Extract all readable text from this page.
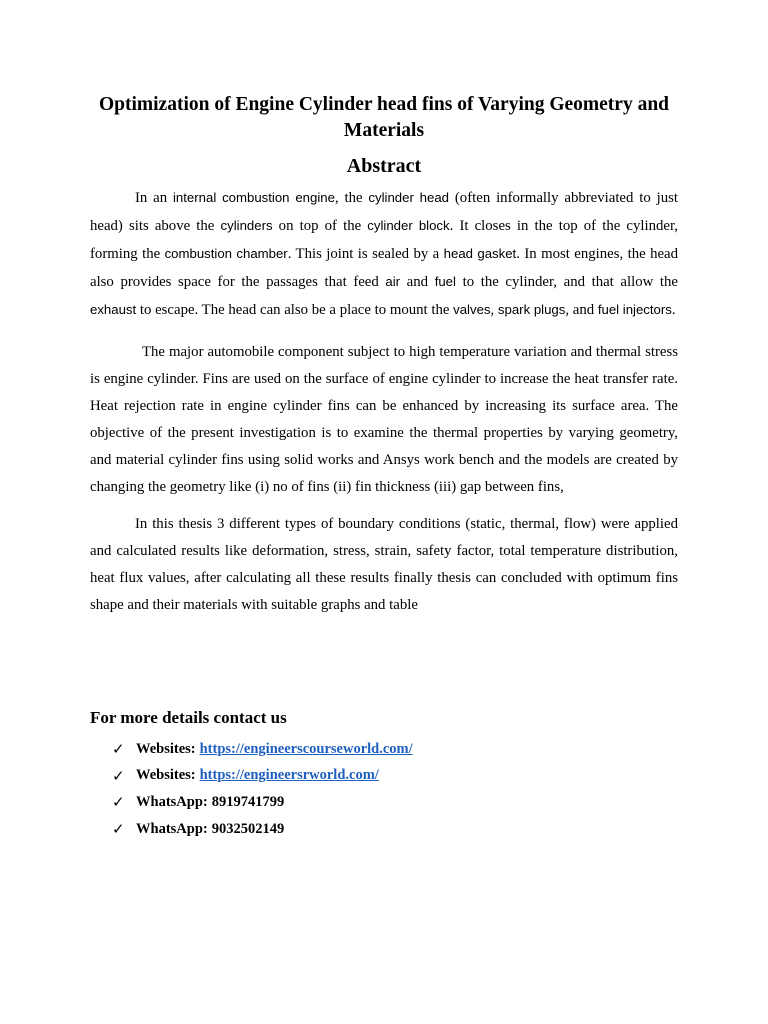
Optimization of Engine Cylinder head fins of Varying Geometry and Materials
Abstract

In an internal combustion engine, the cylinder head (often informally abbreviated to just head) sits above the cylinders on top of the cylinder block. It closes in the top of the cylinder, forming the combustion chamber. This joint is sealed by a head gasket. In most engines, the head also provides space for the passages that feed air and fuel to the cylinder, and that allow the exhaust to escape. The head can also be a place to mount the valves, spark plugs, and fuel injectors.

The major automobile component subject to high temperature variation and thermal stress is engine cylinder. Fins are used on the surface of engine cylinder to increase the heat transfer rate. Heat rejection rate in engine cylinder fins can be enhanced by increasing its surface area. The objective of the present investigation is to examine the thermal properties by varying geometry, and material cylinder fins using solid works and Ansys work bench and the models are created by changing the geometry like (i) no of fins (ii) fin thickness (iii) gap between fins,

In this thesis 3 different types of boundary conditions (static, thermal, flow) were applied and calculated results like deformation, stress, strain, safety factor, total temperature distribution, heat flux values, after calculating all these results finally thesis can concluded with optimum fins shape and their materials with suitable graphs and table

For more details contact us
✓ Websites: https://engineerscourseworld.com/
✓ Websites: https://engineersrworld.com/
✓ WhatsApp: 8919741799
✓ WhatsApp: 9032502149
